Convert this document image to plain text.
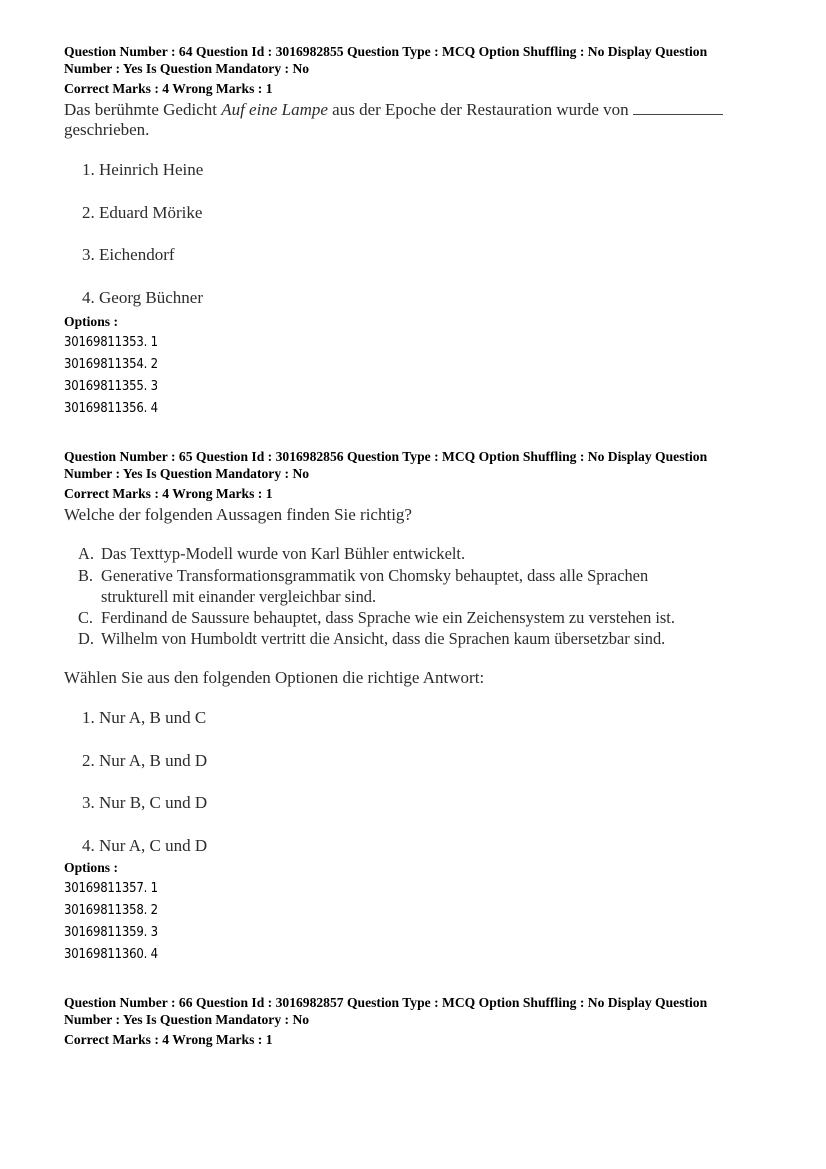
Question Number : 64 Question Id : 3016982855 Question Type : MCQ Option Shuffling : No Display Question
Number : Yes Is Question Mandatory : No
Correct Marks : 4 Wrong Marks : 1
Das berühmte Gedicht Auf eine Lampe aus der Epoche der Restauration wurde von
geschrieben.
1. Heinrich Heine
2. Eduard Mörike
3. Eichendorf
4. Georg Büchner
Options :
30169811353. 1
30169811354. 2
30169811355. 3
30169811356. 4
Question Number : 65 Question Id : 3016982856 Question Type : MCQ Option Shuffling : No Display Question
Number : Yes Is Question Mandatory : No
Correct Marks : 4 Wrong Marks : 1
Welche der folgenden Aussagen finden Sie richtig?
A. Das Texttyp-Modell wurde von Karl Bühler entwickelt.
B. Generative Transformationsgrammatik von Chomsky behauptet, dass alle Sprachen
strukturell mit einander vergleichbar sind.
C. Ferdinand de Saussure behauptet, dass Sprache wie ein Zeichensystem zu verstehen ist.
D. Wilhelm von Humboldt vertritt die Ansicht, dass die Sprachen kaum übersetzbar sind.
Wählen Sie aus den folgenden Optionen die richtige Antwort:
1. Nur A, B und C
2. Nur A, B und D
3. Nur B, C und D
4. Nur A, C und D
Options :
30169811357. 1
30169811358. 2
30169811359. 3
30169811360. 4
Question Number : 66 Question Id : 3016982857 Question Type : MCQ Option Shuffling : No Display Question
Number : Yes Is Question Mandatory : No
Correct Marks : 4 Wrong Marks : 1
